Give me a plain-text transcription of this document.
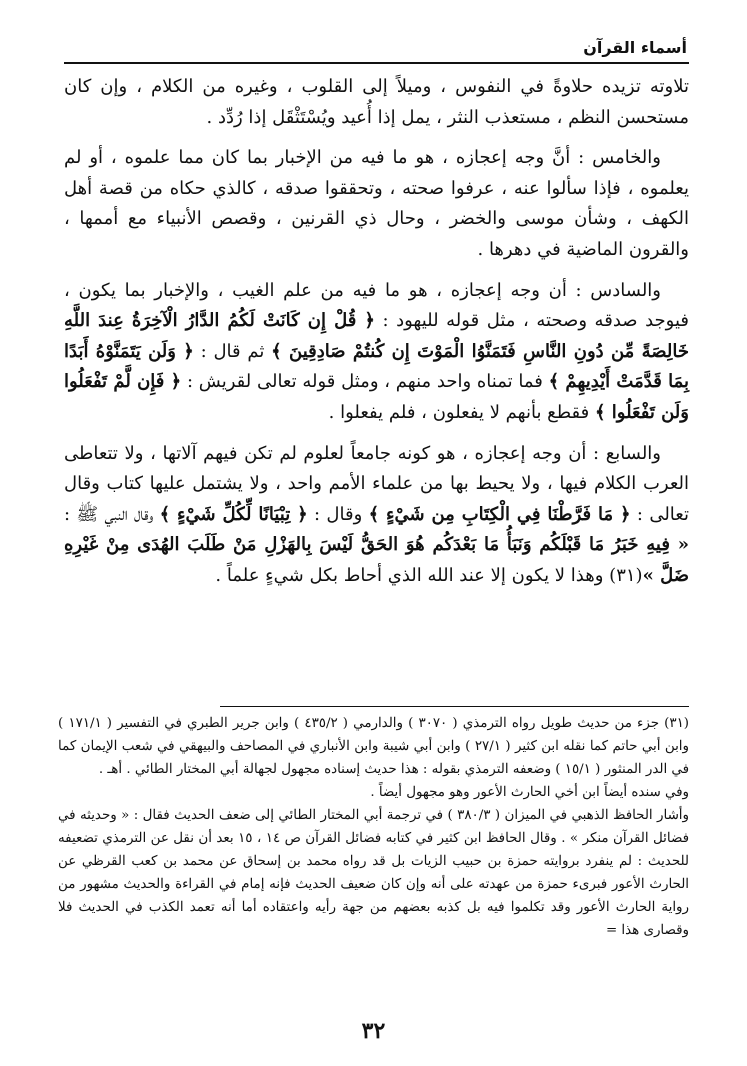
أسماء القرآن

تلاوته تزيده حلاوةً في النفوس ، وميلاً إلى القلوب ، وغيره من الكلام ، وإن كان مستحسن النظم ، مستعذب النثر ، يمل إذا أُعيد ويُسْتَثْقَل إذا رُدِّد .

والخامس : أنَّ وجه إعجازه ، هو ما فيه من الإخبار بما كان مما علموه ، أو لم يعلموه ، فإذا سألوا عنه ، عرفوا صحته ، وتحققوا صدقه ، كالذي حكاه من قصة أهل الكهف ، وشأن موسى والخضر ، وحال ذي القرنين ، وقصص الأنبياء مع أممها ، والقرون الماضية في دهرها .

والسادس : أن وجه إعجازه ، هو ما فيه من علم الغيب ، والإخبار بما يكون ، فيوجد صدقه وصحته ، مثل قوله لليهود : ﴿ قُلْ إِن كَانَتْ لَكُمُ الدَّارُ الْآخِرَةُ عِندَ اللَّهِ خَالِصَةً مِّن دُونِ النَّاسِ فَتَمَنَّوُا الْمَوْتَ إِن كُنتُمْ صَادِقِينَ ﴾ ثم قال : ﴿ وَلَن يَتَمَنَّوْهُ أَبَدًا بِمَا قَدَّمَتْ أَيْدِيهِمْ ﴾ فما تمناه واحد منهم ، ومثل قوله تعالى لقريش : ﴿ فَإِن لَّمْ تَفْعَلُوا وَلَن تَفْعَلُوا ﴾ فقطع بأنهم لا يفعلون ، فلم يفعلوا .

والسابع : أن وجه إعجازه ، هو كونه جامعاً لعلوم لم تكن فيهم آلاتها ، ولا تتعاطى العرب الكلام فيها ، ولا يحيط بها من علماء الأمم واحد ، ولا يشتمل عليها كتاب وقال تعالى : ﴿ مَا فَرَّطْنَا فِي الْكِتَابِ مِن شَيْءٍ ﴾ وقال : ﴿ تِبْيَانًا لِّكُلِّ شَيْءٍ ﴾ وقال النبي ﷺ : « فِيهِ خَبَرُ مَا قَبْلَكُم وَنَبَأُ مَا بَعْدَكُم هُوَ الحَقُّ لَيْسَ بِالهَزْلِ مَنْ طَلَبَ الهُدَى مِنْ غَيْرِهِ ضَلَّ »(٣١) وهذا لا يكون إلا عند الله الذي أحاط بكل شيءٍ علماً .

(٣١) جزء من حديث طويل رواه الترمذي ( ٣٠٧٠ ) والدارمي ( ٤٣٥/٢ ) وابن جرير الطبري في التفسير ( ١٧١/١ ) وابن أبي حاتم كما نقله ابن كثير ( ٢٧/١ ) وابن أبي شيبة وابن الأنباري في المصاحف والبيهقي في شعب الإيمان كما في الدر المنثور ( ١٥/١ ) وضعفه الترمذي بقوله : هذا حديث إسناده مجهول لجهالة أبي المختار الطائي . أهـ .

وفي سنده أيضاً ابن أخي الحارث الأعور وهو مجهول أيضاً .

وأشار الحافظ الذهبي في الميزان ( ٣٨٠/٣ ) في ترجمة أبي المختار الطائي إلى ضعف الحديث فقال : « وحديثه في فضائل القرآن منكر » . وقال الحافظ ابن كثير في كتابه فضائل القرآن ص ١٤ ، ١٥ بعد أن نقل عن الترمذي تضعيفه للحديث : لم ينفرد بروايته حمزة بن حبيب الزيات بل قد رواه محمد بن إسحاق عن محمد بن كعب القرظي عن الحارث الأعور فبرىء حمزة من عهدته على أنه وإن كان ضعيف الحديث فإنه إمام في القراءة والحديث مشهور من رواية الحارث الأعور وقد تكلموا فيه بل كذبه بعضهم من جهة رأيه واعتقاده أما أنه تعمد الكذب في الحديث فلا وقصارى هذا =

٣٢
